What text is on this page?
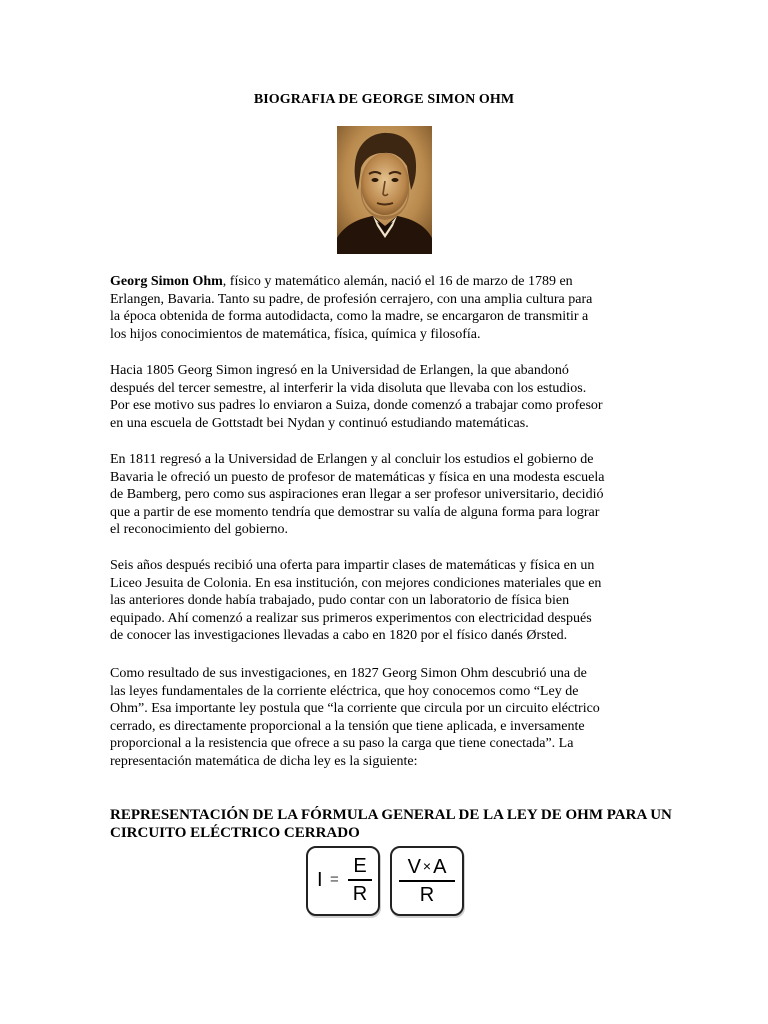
BIOGRAFIA DE GEORGE SIMON OHM
Georg Simon Ohm, físico y matemático alemán, nació el 16 de marzo de 1789 en
Erlangen, Bavaria. Tanto su padre, de profesión cerrajero, con una amplia cultura para
la época obtenida de forma autodidacta, como la madre, se encargaron de transmitir a
los hijos conocimientos de matemática, física, química y filosofía.
Hacia 1805 Georg Simon ingresó en la Universidad de Erlangen, la que abandonó
después del tercer semestre, al interferir la vida disoluta que llevaba con los estudios.
Por ese motivo sus padres lo enviaron a Suiza, donde comenzó a trabajar como profesor
en una escuela de Gottstadt bei Nydan y continuó estudiando matemáticas.
En 1811 regresó a la Universidad de Erlangen y al concluir los estudios el gobierno de
Bavaria le ofreció un puesto de profesor de matemáticas y física en una modesta escuela
de Bamberg, pero como sus aspiraciones eran llegar a ser profesor universitario, decidió
que a partir de ese momento tendría que demostrar su valía de alguna forma para lograr
el reconocimiento del gobierno.
Seis años después recibió una oferta para impartir clases de matemáticas y física en un
Liceo Jesuita de Colonia. En esa institución, con mejores condiciones materiales que en
las anteriores donde había trabajado, pudo contar con un laboratorio de física bien
equipado. Ahí comenzó a realizar sus primeros experimentos con electricidad después
de conocer las investigaciones llevadas a cabo en 1820 por el físico danés Ørsted.
Como resultado de sus investigaciones, en 1827 Georg Simon Ohm descubrió una de
las leyes fundamentales de la corriente eléctrica, que hoy conocemos como “Ley de
Ohm”. Esa importante ley postula que “la corriente que circula por un circuito eléctrico
cerrado, es directamente proporcional a la tensión que tiene aplicada, e inversamente
proporcional a la resistencia que ofrece a su paso la carga que tiene conectada”. La
representación matemática de dicha ley es la siguiente:
REPRESENTACIÓN DE LA FÓRMULA GENERAL DE LA LEY DE OHM PARA UN
CIRCUITO ELÉCTRICO CERRADO
I =
E
R
V × A
R
